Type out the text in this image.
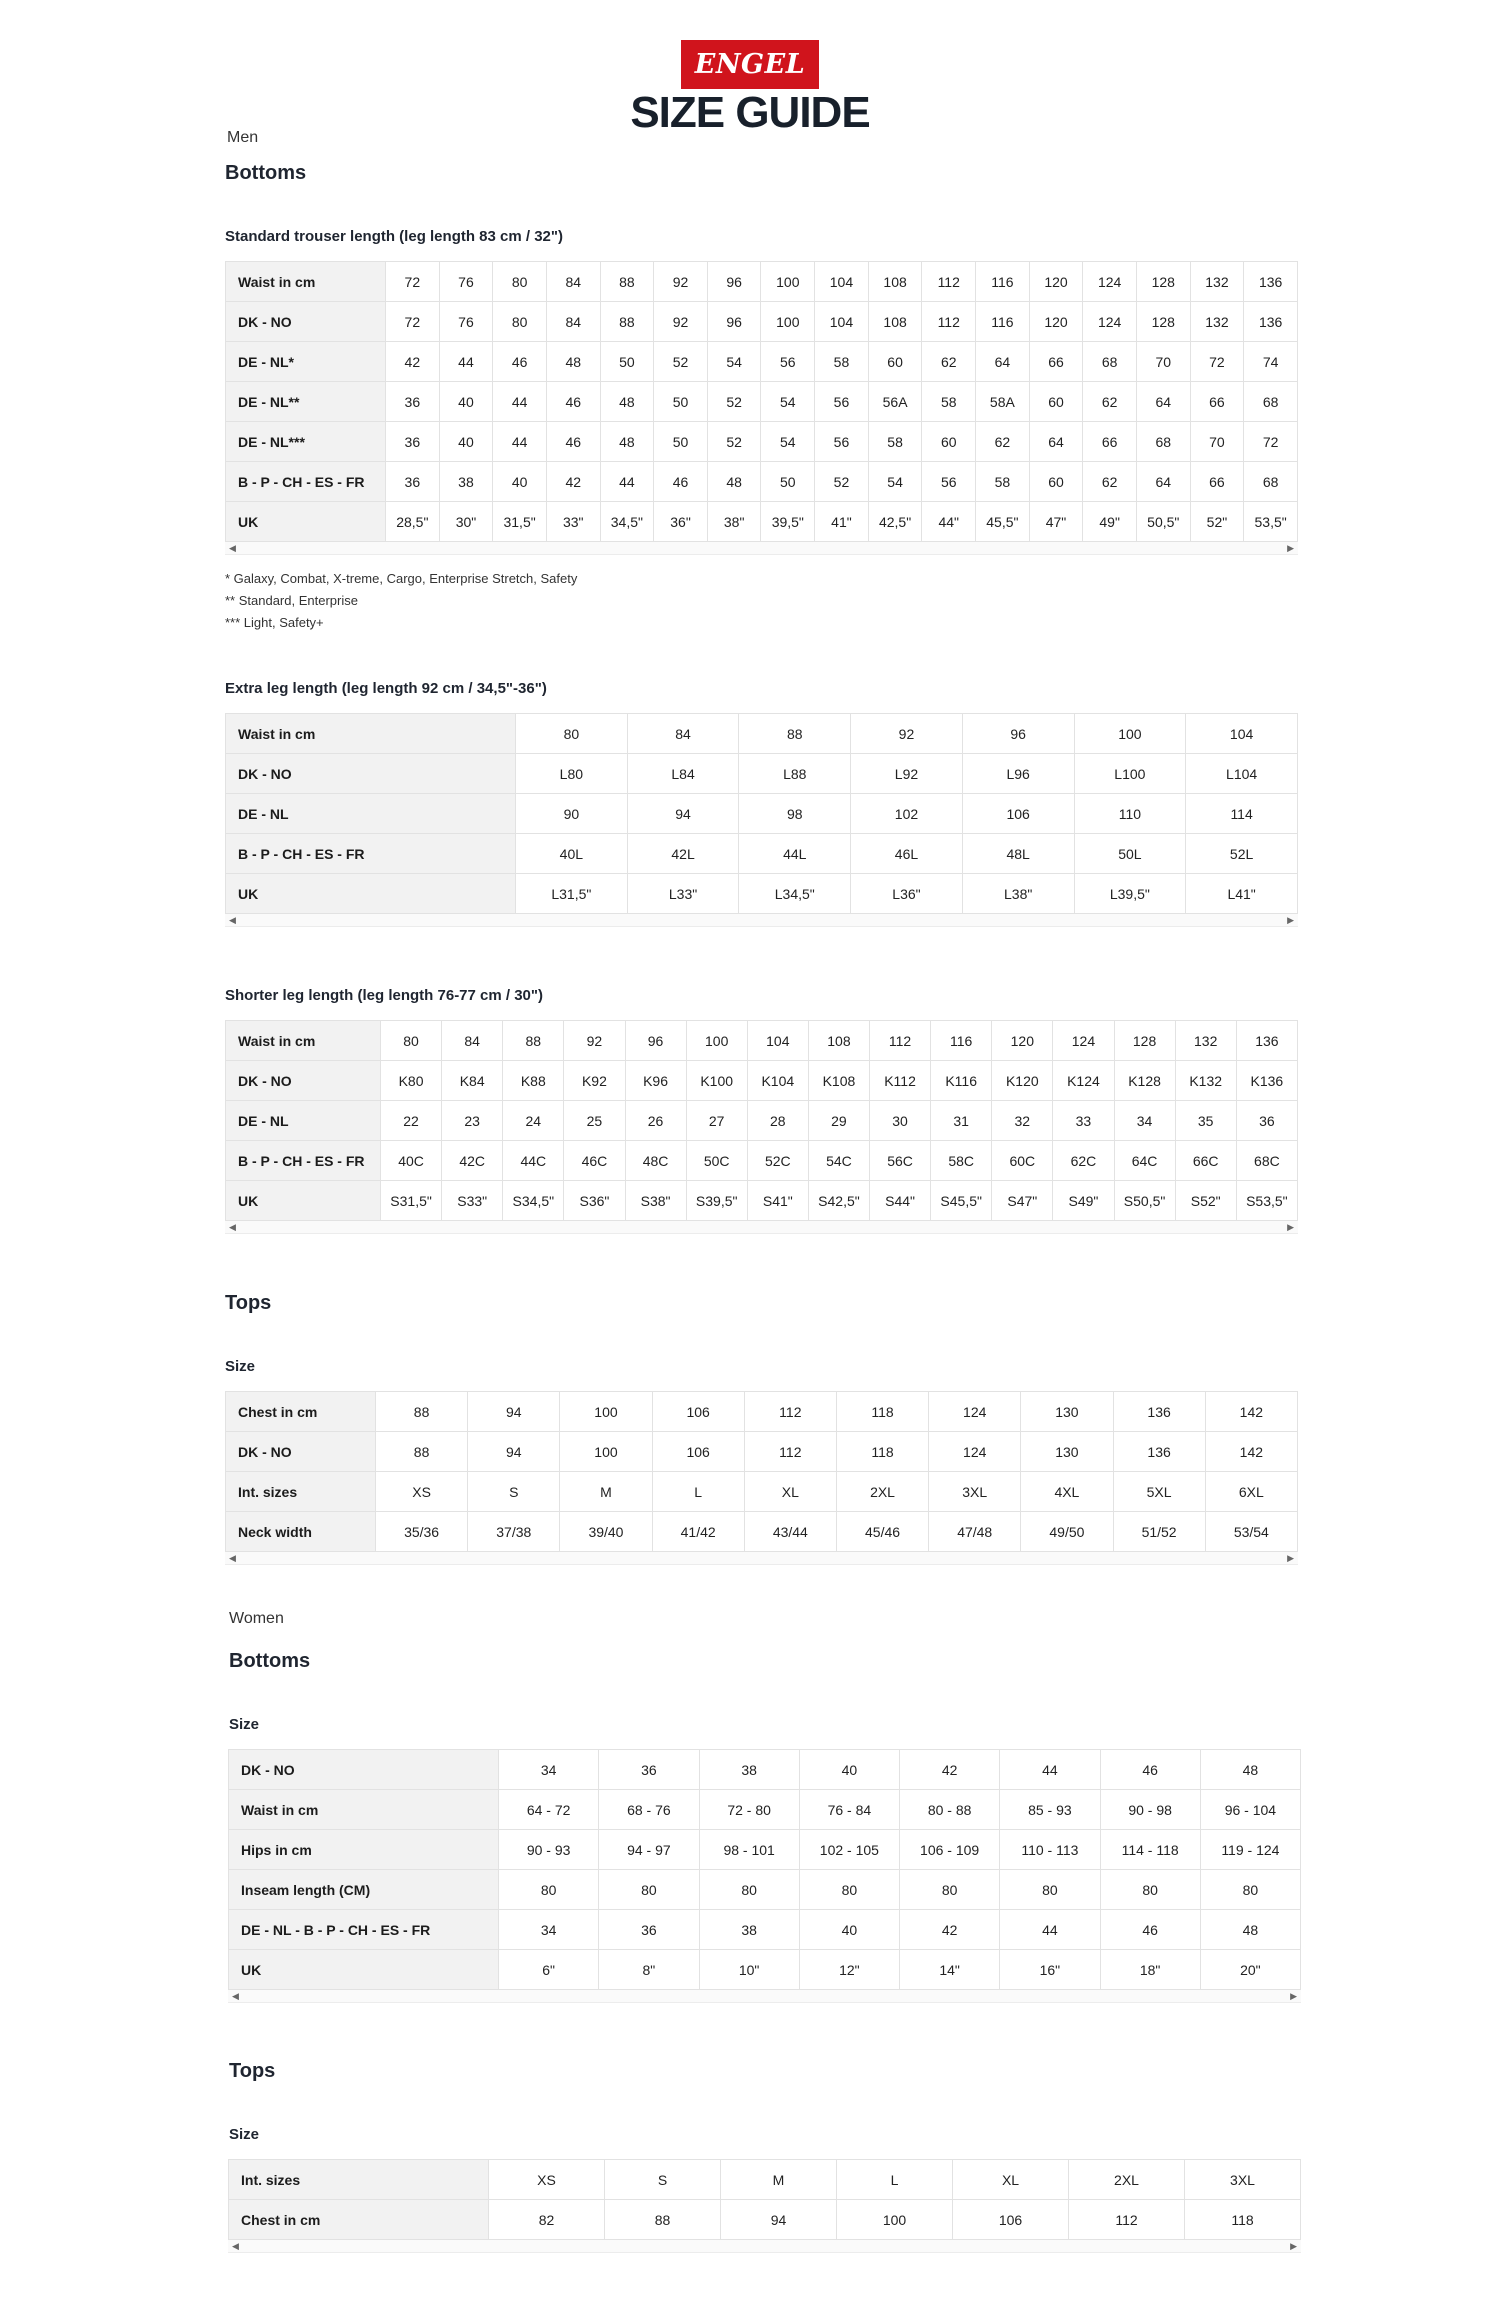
ENGEL
SIZE GUIDE
Men
Bottoms
Standard trouser length (leg length 83 cm / 32")
Waist in cm	72	76	80	84	88	92	96	100	104	108	112	116	120	124	128	132	136
DK - NO	72	76	80	84	88	92	96	100	104	108	112	116	120	124	128	132	136
DE - NL*	42	44	46	48	50	52	54	56	58	60	62	64	66	68	70	72	74
DE - NL**	36	40	44	46	48	50	52	54	56	56A	58	58A	60	62	64	66	68
DE - NL***	36	40	44	46	48	50	52	54	56	58	60	62	64	66	68	70	72
B - P - CH - ES - FR	36	38	40	42	44	46	48	50	52	54	56	58	60	62	64	66	68
UK	28,5"	30"	31,5"	33"	34,5"	36"	38"	39,5"	41"	42,5"	44"	45,5"	47"	49"	50,5"	52"	53,5"
◀	▶
* Galaxy, Combat, X-treme, Cargo, Enterprise Stretch, Safety
** Standard, Enterprise
*** Light, Safety+
Extra leg length (leg length 92 cm / 34,5"-36")
Waist in cm	80	84	88	92	96	100	104
DK - NO	L80	L84	L88	L92	L96	L100	L104
DE - NL	90	94	98	102	106	110	114
B - P - CH - ES - FR	40L	42L	44L	46L	48L	50L	52L
UK	L31,5"	L33"	L34,5"	L36"	L38"	L39,5"	L41"
◀	▶
Shorter leg length (leg length 76-77 cm / 30")
Waist in cm	80	84	88	92	96	100	104	108	112	116	120	124	128	132	136
DK - NO	K80	K84	K88	K92	K96	K100	K104	K108	K112	K116	K120	K124	K128	K132	K136
DE - NL	22	23	24	25	26	27	28	29	30	31	32	33	34	35	36
B - P - CH - ES - FR	40C	42C	44C	46C	48C	50C	52C	54C	56C	58C	60C	62C	64C	66C	68C
UK	S31,5"	S33"	S34,5"	S36"	S38"	S39,5"	S41"	S42,5"	S44"	S45,5"	S47"	S49"	S50,5"	S52"	S53,5"
◀	▶
Tops
Size
Chest in cm	88	94	100	106	112	118	124	130	136	142
DK - NO	88	94	100	106	112	118	124	130	136	142
Int. sizes	XS	S	M	L	XL	2XL	3XL	4XL	5XL	6XL
Neck width	35/36	37/38	39/40	41/42	43/44	45/46	47/48	49/50	51/52	53/54
◀	▶
Women
Bottoms
Size
DK - NO	34	36	38	40	42	44	46	48
Waist in cm	64 - 72	68 - 76	72 - 80	76 - 84	80 - 88	85 - 93	90 - 98	96 - 104
Hips in cm	90 - 93	94 - 97	98 - 101	102 - 105	106 - 109	110 - 113	114 - 118	119 - 124
Inseam length (CM)	80	80	80	80	80	80	80	80
DE - NL - B - P - CH - ES - FR	34	36	38	40	42	44	46	48
UK	6"	8"	10"	12"	14"	16"	18"	20"
◀	▶
Tops
Size
Int. sizes	XS	S	M	L	XL	2XL	3XL
Chest in cm	82	88	94	100	106	112	118
◀	▶
